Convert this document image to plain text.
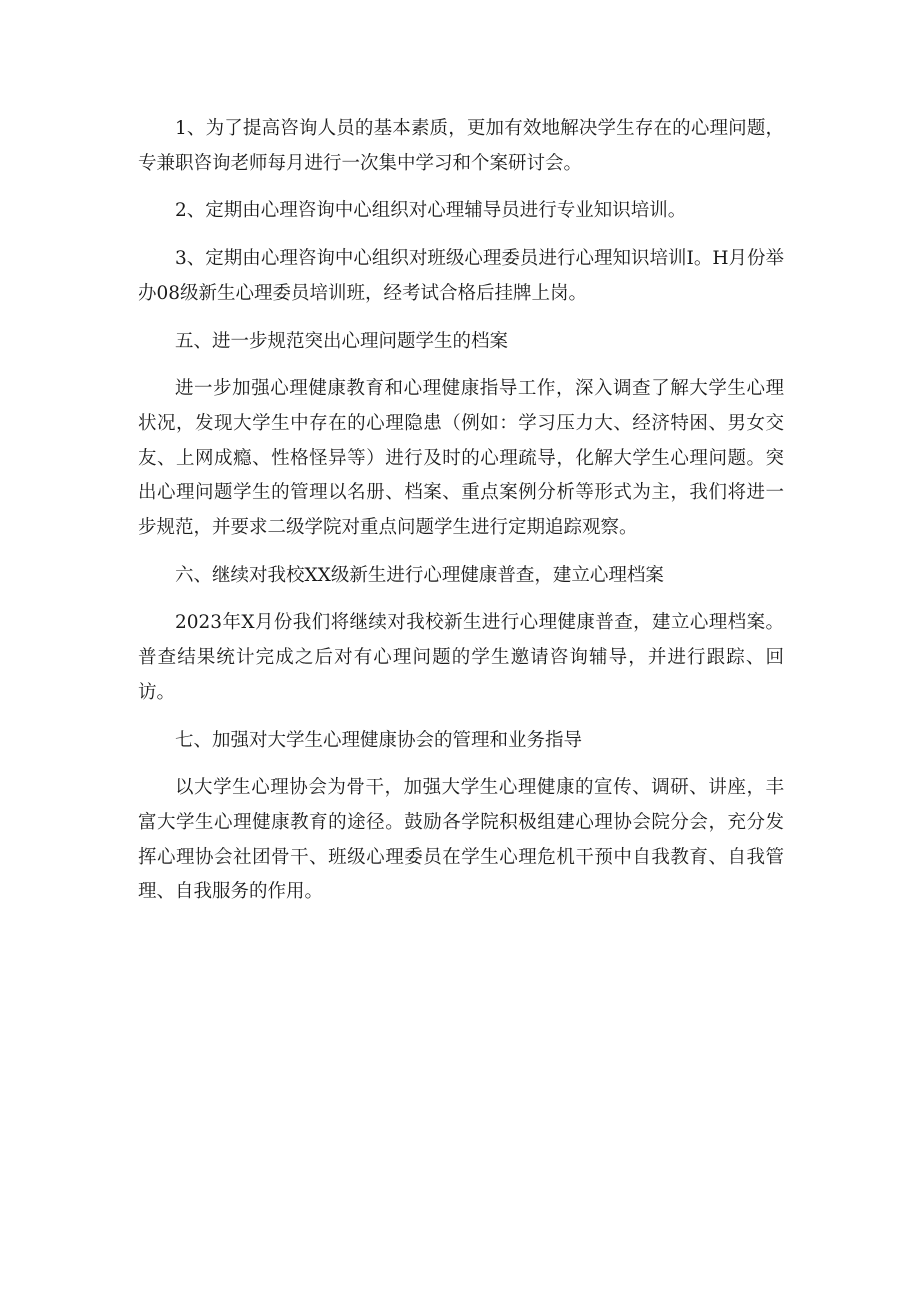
1、为了提高咨询人员的基本素质，更加有效地解决学生存在的心理问题，专兼职咨询老师每月进行一次集中学习和个案研讨会。

2、定期由心理咨询中心组织对心理辅导员进行专业知识培训。

3、定期由心理咨询中心组织对班级心理委员进行心理知识培训I。H月份举办08级新生心理委员培训班，经考试合格后挂牌上岗。

五、进一步规范突出心理问题学生的档案

进一步加强心理健康教育和心理健康指导工作，深入调查了解大学生心理状况，发现大学生中存在的心理隐患（例如：学习压力大、经济特困、男女交友、上网成瘾、性格怪异等）进行及时的心理疏导，化解大学生心理问题。突出心理问题学生的管理以名册、档案、重点案例分析等形式为主，我们将进一步规范，并要求二级学院对重点问题学生进行定期追踪观察。

六、继续对我校XX级新生进行心理健康普查，建立心理档案

2023年X月份我们将继续对我校新生进行心理健康普查，建立心理档案。普查结果统计完成之后对有心理问题的学生邀请咨询辅导，并进行跟踪、回访。

七、加强对大学生心理健康协会的管理和业务指导

以大学生心理协会为骨干，加强大学生心理健康的宣传、调研、讲座，丰富大学生心理健康教育的途径。鼓励各学院积极组建心理协会院分会，充分发挥心理协会社团骨干、班级心理委员在学生心理危机干预中自我教育、自我管理、自我服务的作用。
